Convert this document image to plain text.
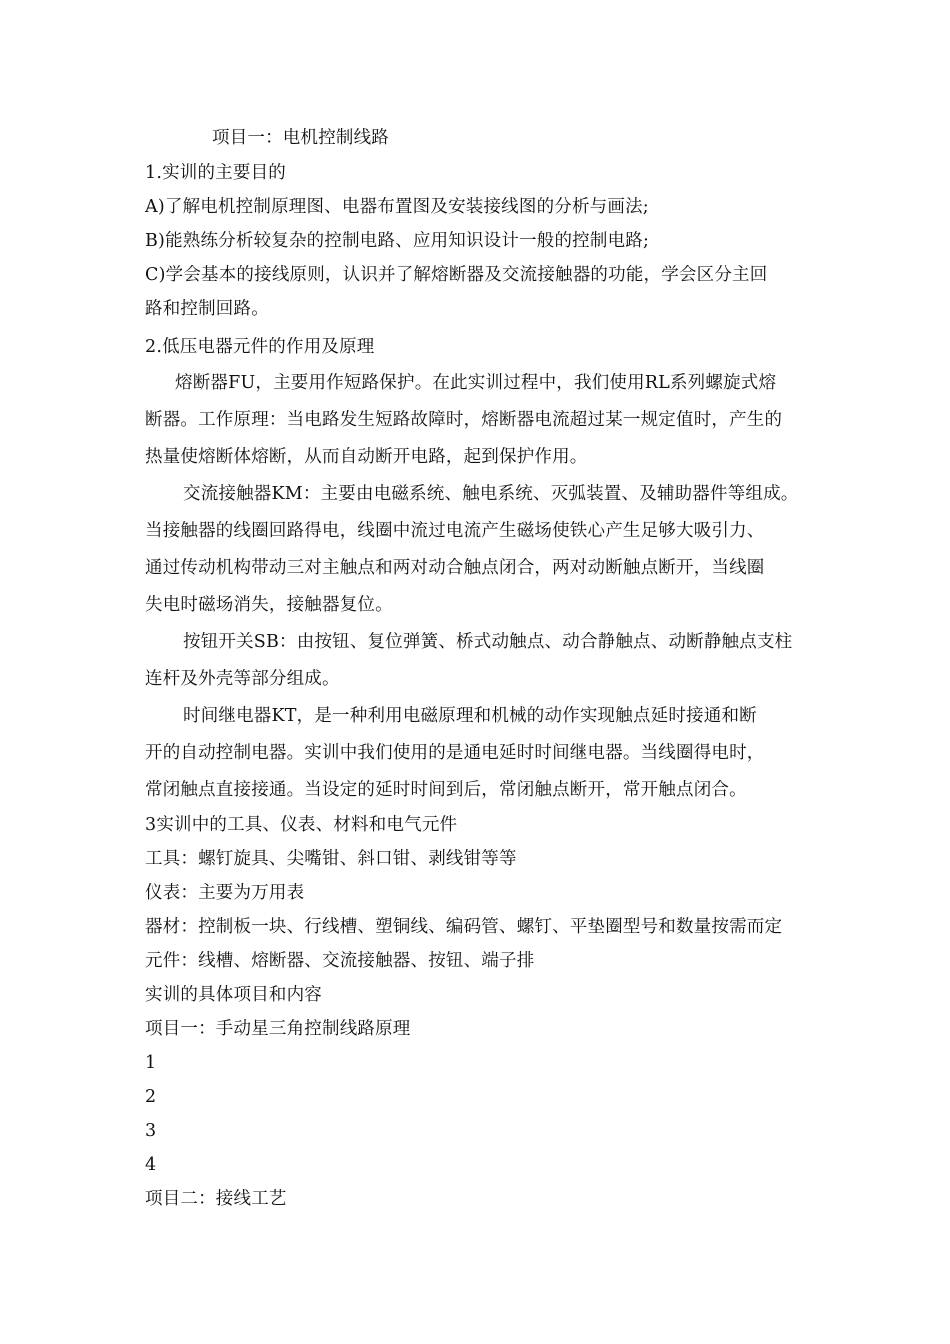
项目一：电机控制线路
1.实训的主要目的
A)了解电机控制原理图、电器布置图及安装接线图的分析与画法;
B)能熟练分析较复杂的控制电路、应用知识设计一般的控制电路;
C)学会基本的接线原则，认识并了解熔断器及交流接触器的功能，学会区分主回
路和控制回路。
2.低压电器元件的作用及原理
熔断器FU，主要用作短路保护。在此实训过程中，我们使用RL系列螺旋式熔
断器。工作原理：当电路发生短路故障时，熔断器电流超过某一规定值时，产生的
热量使熔断体熔断，从而自动断开电路，起到保护作用。
交流接触器KM：主要由电磁系统、触电系统、灭弧装置、及辅助器件等组成。
当接触器的线圈回路得电，线圈中流过电流产生磁场使铁心产生足够大吸引力、
通过传动机构带动三对主触点和两对动合触点闭合，两对动断触点断开，当线圈
失电时磁场消失，接触器复位。
按钮开关SB：由按钮、复位弹簧、桥式动触点、动合静触点、动断静触点支柱
连杆及外壳等部分组成。
时间继电器KT，是一种利用电磁原理和机械的动作实现触点延时接通和断
开的自动控制电器。实训中我们使用的是通电延时时间继电器。当线圈得电时，
常闭触点直接接通。当设定的延时时间到后，常闭触点断开，常开触点闭合。
3实训中的工具、仪表、材料和电气元件
工具：螺钉旋具、尖嘴钳、斜口钳、剥线钳等等
仪表：主要为万用表
器材：控制板一块、行线槽、塑铜线、编码管、螺钉、平垫圈型号和数量按需而定
元件：线槽、熔断器、交流接触器、按钮、端子排
实训的具体项目和内容
项目一：手动星三角控制线路原理
1
2
3
4
项目二：接线工艺
